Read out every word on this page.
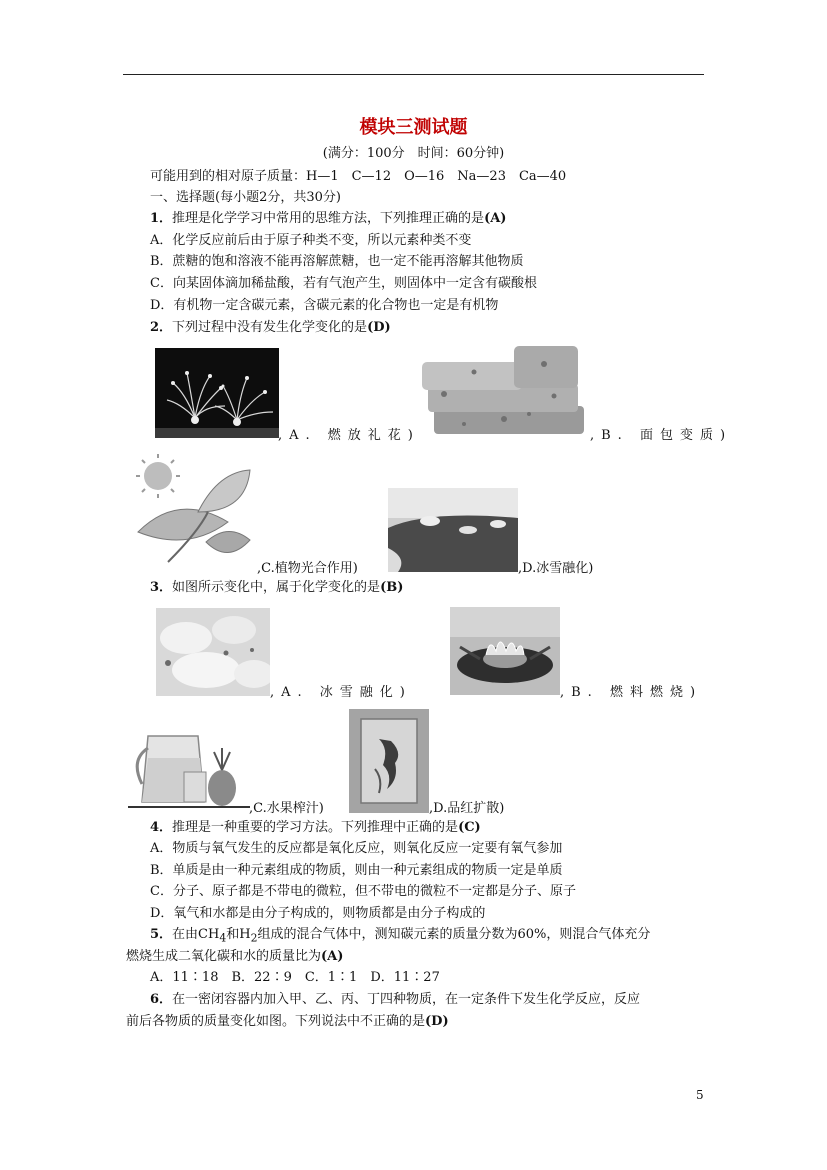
模块三测试题
(满分：100分　时间：60分钟)
可能用到的相对原子质量：H—1　C—12　O—16　Na—23　Ca—40
一、选择题(每小题2分，共30分)
1．推理是化学学习中常用的思维方法，下列推理正确的是(A)
A．化学反应前后由于原子种类不变，所以元素种类不变
B．蔗糖的饱和溶液不能再溶解蔗糖，也一定不能再溶解其他物质
C．向某固体滴加稀盐酸，若有气泡产生，则固体中一定含有碳酸根
D．有机物一定含碳元素，含碳元素的化合物也一定是有机物
2．下列过程中没有发生化学变化的是(D)
,A. 燃放礼花)	,B. 面包变质)
,C.植物光合作用)	,D.冰雪融化)
3．如图所示变化中，属于化学变化的是(B)
,A. 冰雪融化)	,B. 燃料燃烧)
,C.水果榨汁)	,D.品红扩散)
4．推理是一种重要的学习方法。下列推理中正确的是(C)
A．物质与氧气发生的反应都是氧化反应，则氧化反应一定要有氧气参加
B．单质是由一种元素组成的物质，则由一种元素组成的物质一定是单质
C．分子、原子都是不带电的微粒，但不带电的微粒不一定都是分子、原子
D．氧气和水都是由分子构成的，则物质都是由分子构成的
5．在由$CH_4$和$H_2$组成的混合气体中，测知碳元素的质量分数为60%，则混合气体充分
燃烧生成二氧化碳和水的质量比为(A)
A．11∶18　B．22∶9　C．1∶1　D．11∶27
6．在一密闭容器内加入甲、乙、丙、丁四种物质，在一定条件下发生化学反应，反应
前后各物质的质量变化如图。下列说法中不正确的是(D)
5
